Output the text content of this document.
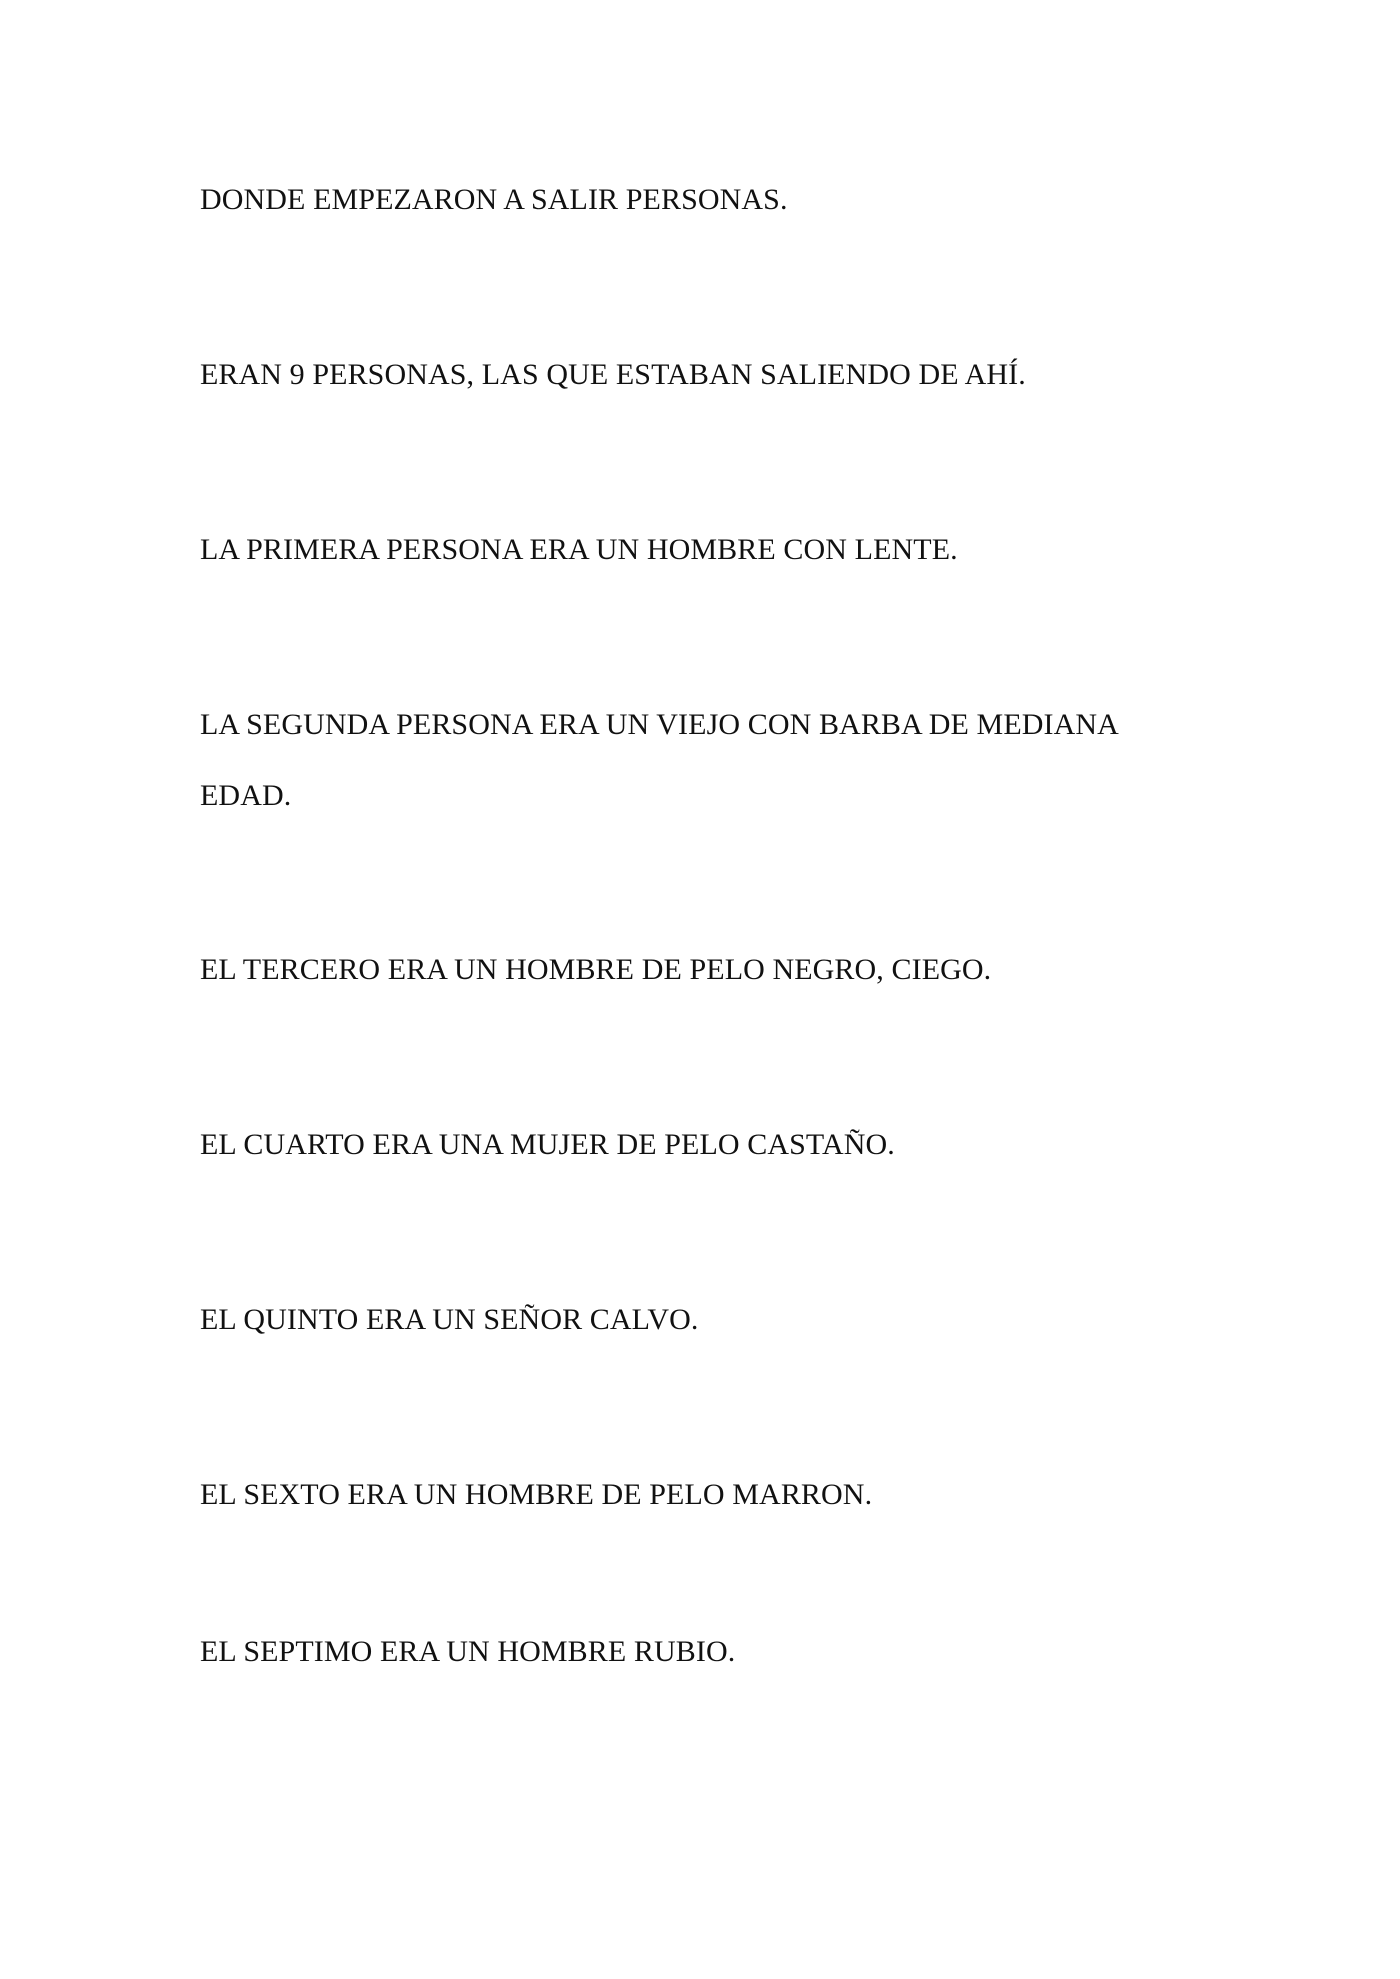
DONDE EMPEZARON A SALIR PERSONAS.

ERAN 9 PERSONAS, LAS QUE ESTABAN SALIENDO DE AHÍ.

LA PRIMERA PERSONA ERA UN HOMBRE CON LENTE.

LA SEGUNDA PERSONA ERA UN VIEJO CON BARBA DE MEDIANA

EDAD.

EL TERCERO ERA UN HOMBRE DE PELO NEGRO, CIEGO.

EL CUARTO ERA UNA MUJER DE PELO CASTAÑO.

EL QUINTO ERA UN SEÑOR CALVO.

EL SEXTO ERA UN HOMBRE DE PELO MARRON.

EL SEPTIMO ERA UN HOMBRE RUBIO.
